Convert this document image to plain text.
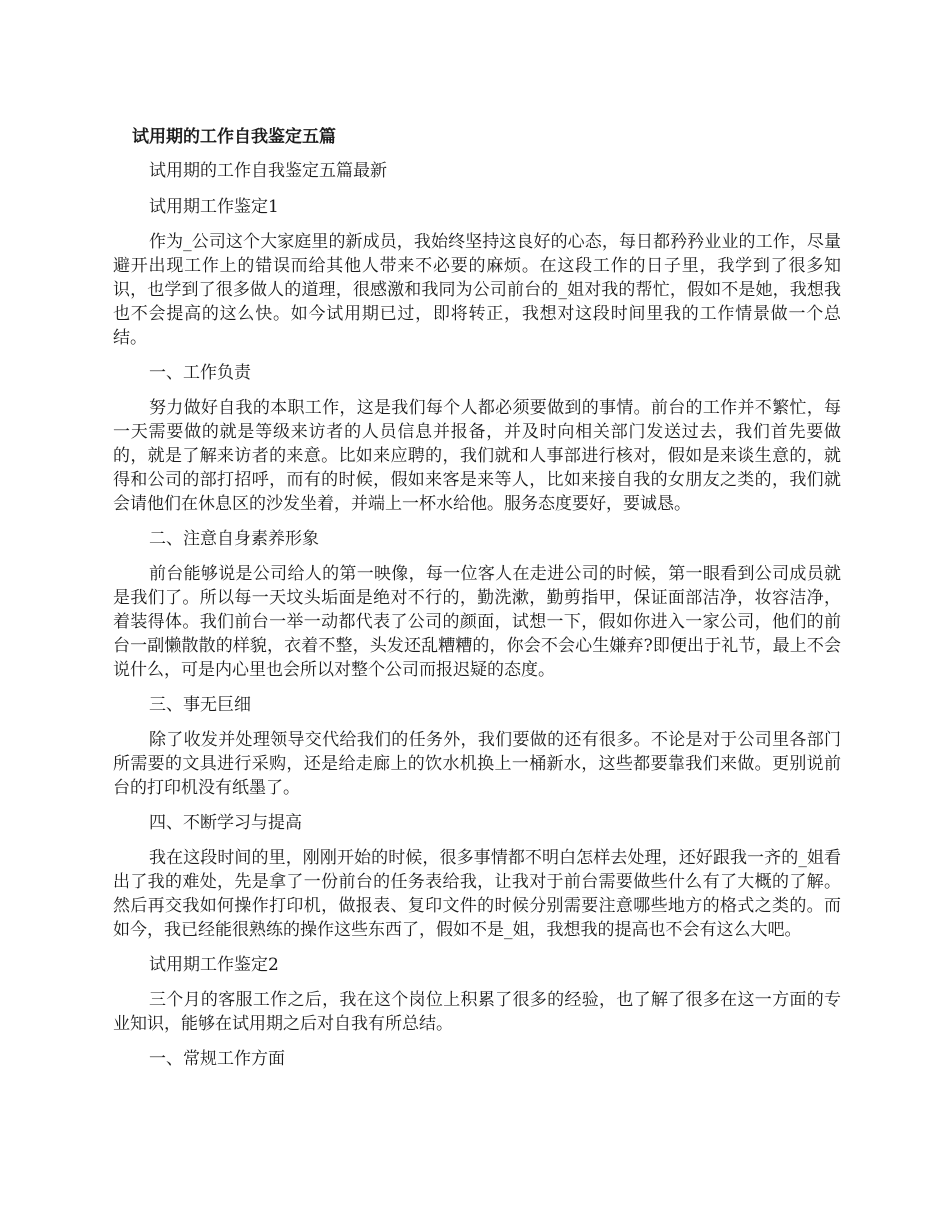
试用期的工作自我鉴定五篇

试用期的工作自我鉴定五篇最新

试用期工作鉴定1

作为_公司这个大家庭里的新成员，我始终坚持这良好的心态，每日都矜矜业业的工作，尽量避开出现工作上的错误而给其他人带来不必要的麻烦。在这段工作的日子里，我学到了很多知识，也学到了很多做人的道理，很感激和我同为公司前台的_姐对我的帮忙，假如不是她，我想我也不会提高的这么快。如今试用期已过，即将转正，我想对这段时间里我的工作情景做一个总结。

一、工作负责

努力做好自我的本职工作，这是我们每个人都必须要做到的事情。前台的工作并不繁忙，每一天需要做的就是等级来访者的人员信息并报备，并及时向相关部门发送过去，我们首先要做的，就是了解来访者的来意。比如来应聘的，我们就和人事部进行核对，假如是来谈生意的，就得和公司的部打招呼，而有的时候，假如来客是来等人，比如来接自我的女朋友之类的，我们就会请他们在休息区的沙发坐着，并端上一杯水给他。服务态度要好，要诚恳。

二、注意自身素养形象

前台能够说是公司给人的第一映像，每一位客人在走进公司的时候，第一眼看到公司成员就是我们了。所以每一天坟头垢面是绝对不行的，勤洗漱，勤剪指甲，保证面部洁净，妆容洁净，着装得体。我们前台一举一动都代表了公司的颜面，试想一下，假如你进入一家公司，他们的前台一副懒散散的样貌，衣着不整，头发还乱糟糟的，你会不会心生嫌弃?即便出于礼节，最上不会说什么，可是内心里也会所以对整个公司而报迟疑的态度。

三、事无巨细

除了收发并处理领导交代给我们的任务外，我们要做的还有很多。不论是对于公司里各部门所需要的文具进行采购，还是给走廊上的饮水机换上一桶新水，这些都要靠我们来做。更别说前台的打印机没有纸墨了。

四、不断学习与提高

我在这段时间的里，刚刚开始的时候，很多事情都不明白怎样去处理，还好跟我一齐的_姐看出了我的难处，先是拿了一份前台的任务表给我，让我对于前台需要做些什么有了大概的了解。然后再交我如何操作打印机，做报表、复印文件的时候分别需要注意哪些地方的格式之类的。而如今，我已经能很熟练的操作这些东西了，假如不是_姐，我想我的提高也不会有这么大吧。

试用期工作鉴定2

三个月的客服工作之后，我在这个岗位上积累了很多的经验，也了解了很多在这一方面的专业知识，能够在试用期之后对自我有所总结。

一、常规工作方面
